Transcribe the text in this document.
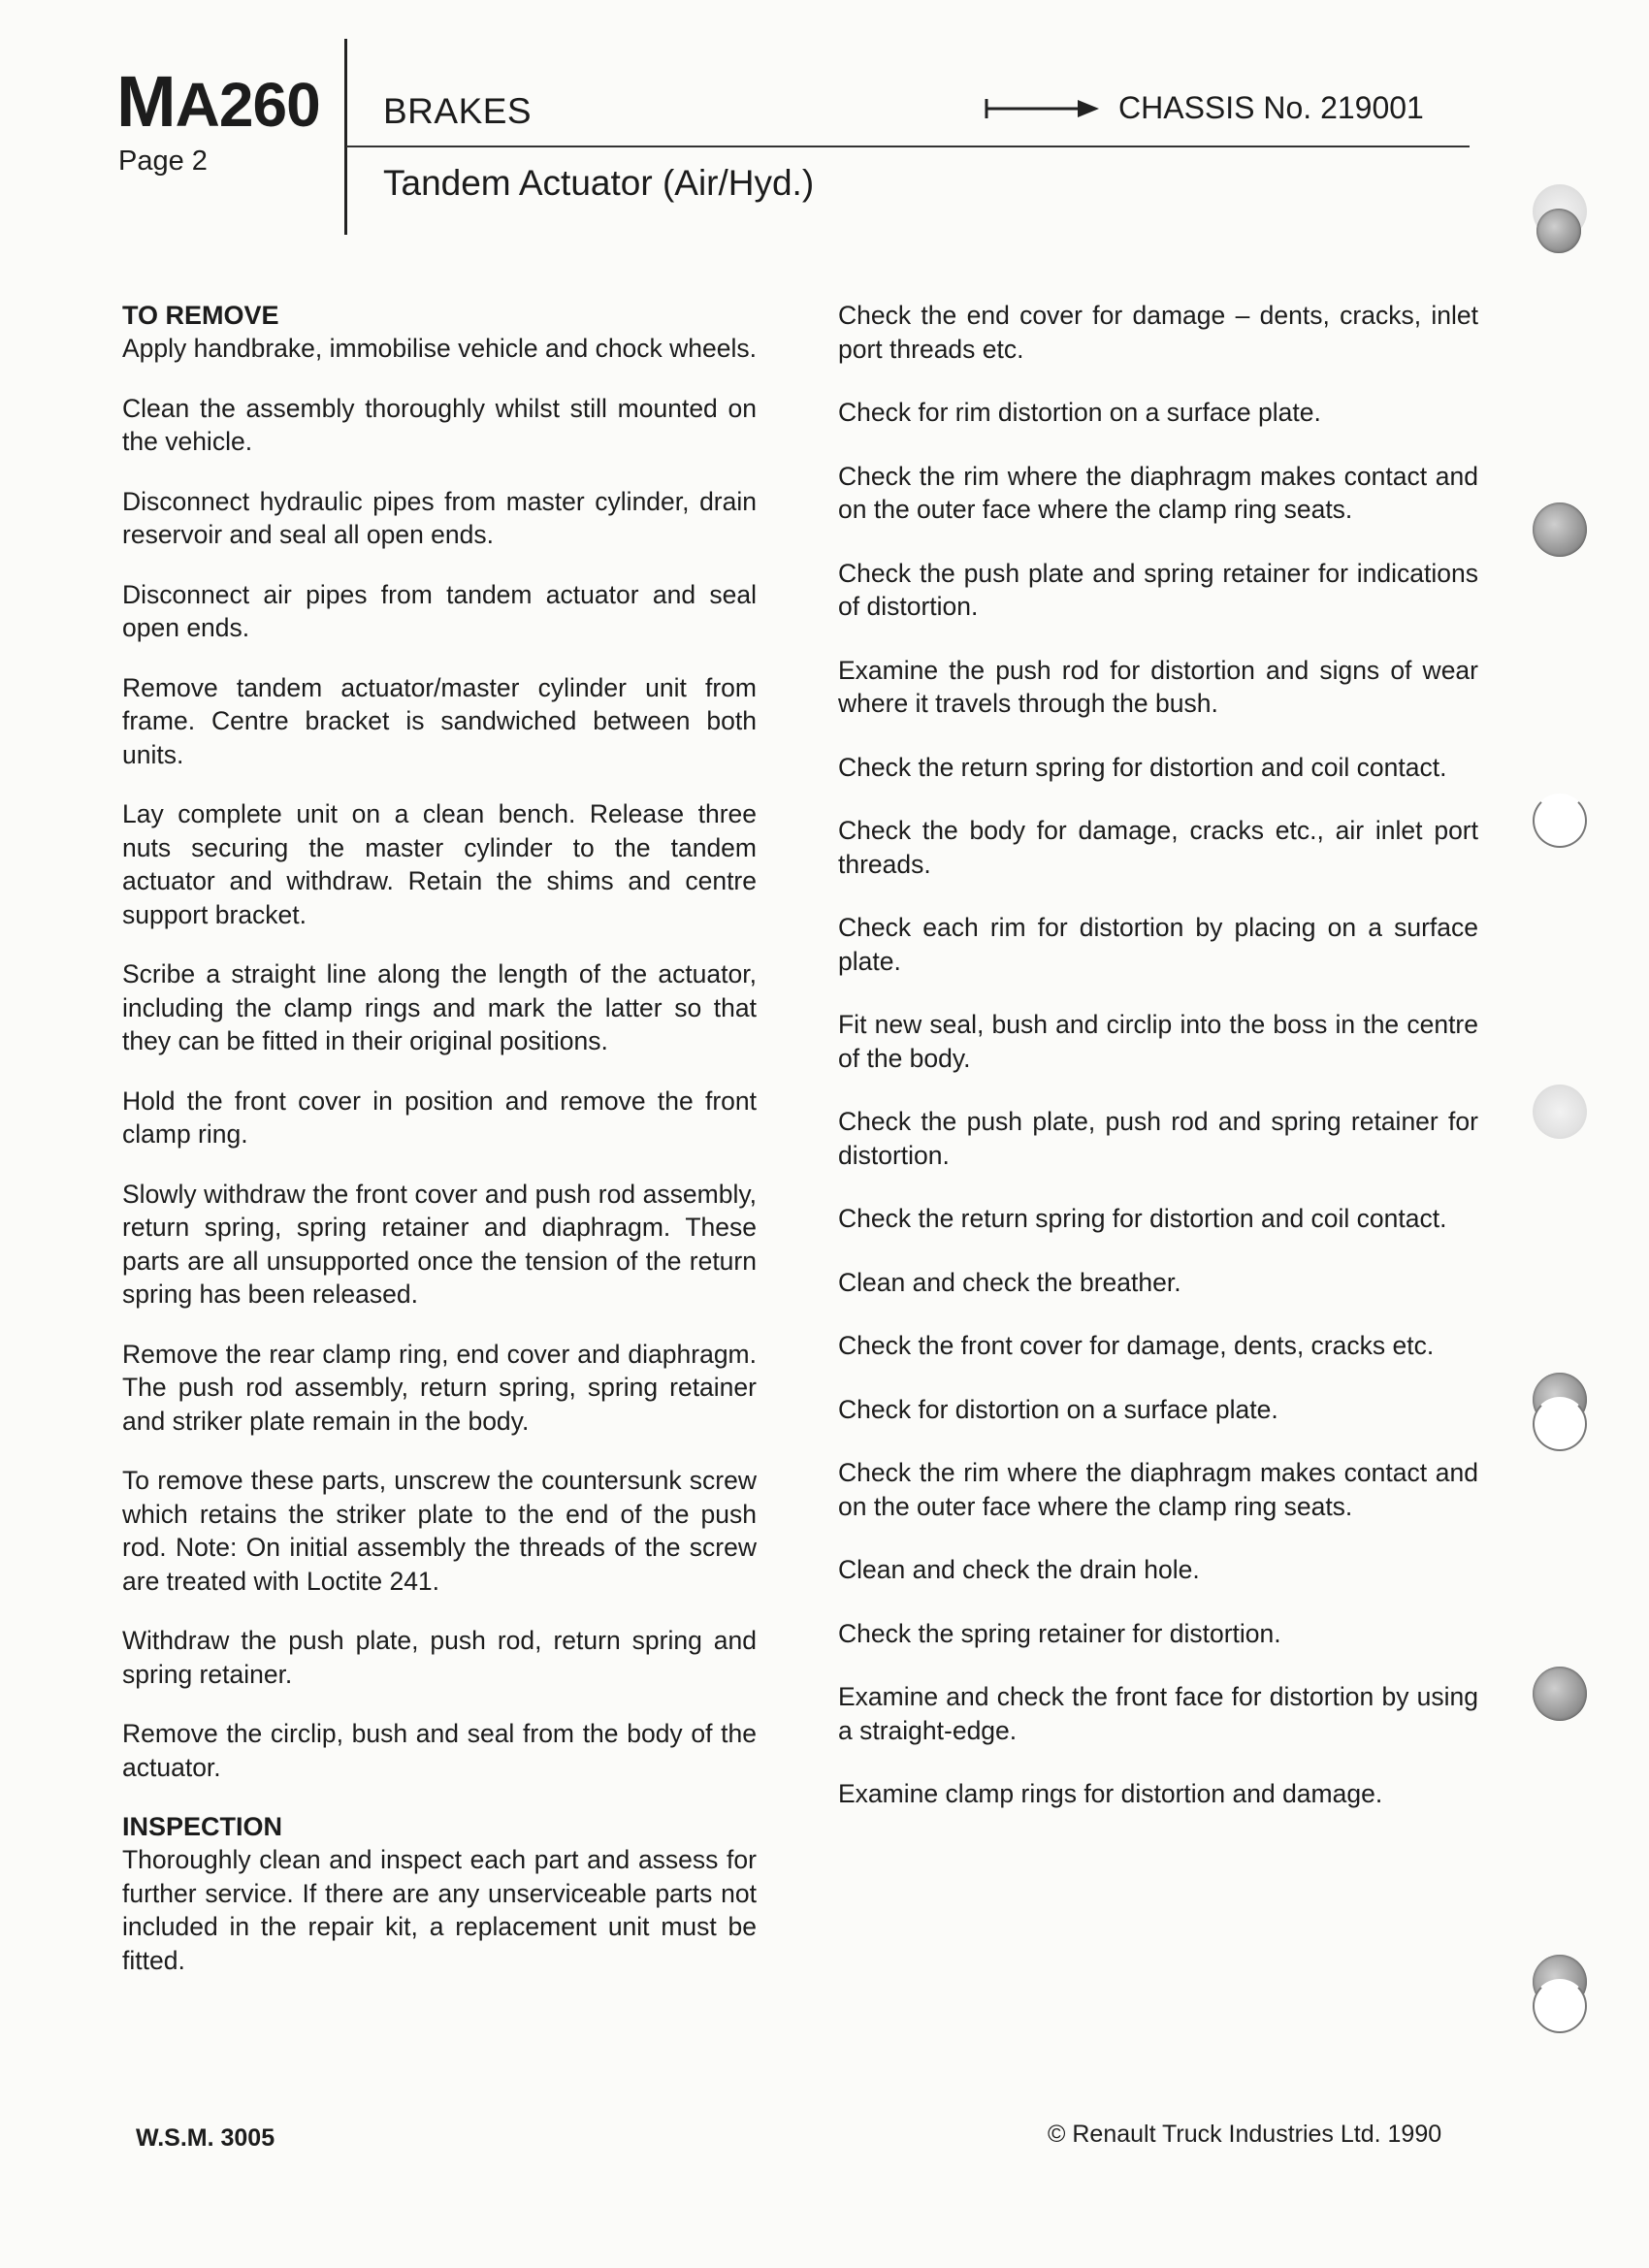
MA260
Page 2
BRAKES	CHASSIS No. 219001
Tandem Actuator (Air/Hyd.)
TO REMOVE

Apply handbrake, immobilise vehicle and chock wheels.

Clean the assembly thoroughly whilst still mounted on the vehicle.

Disconnect hydraulic pipes from master cylinder, drain reservoir and seal all open ends.

Disconnect air pipes from tandem actuator and seal open ends.

Remove tandem actuator/master cylinder unit from frame. Centre bracket is sandwiched between both units.

Lay complete unit on a clean bench. Release three nuts securing the master cylinder to the tandem actuator and withdraw. Retain the shims and centre support bracket.

Scribe a straight line along the length of the actuator, including the clamp rings and mark the latter so that they can be fitted in their original positions.

Hold the front cover in position and remove the front clamp ring.

Slowly withdraw the front cover and push rod assembly, return spring, spring retainer and diaphragm. These parts are all unsupported once the tension of the return spring has been released.

Remove the rear clamp ring, end cover and diaphragm. The push rod assembly, return spring, spring retainer and striker plate remain in the body.

To remove these parts, unscrew the countersunk screw which retains the striker plate to the end of the push rod. Note: On initial assembly the threads of the screw are treated with Loctite 241.

Withdraw the push plate, push rod, return spring and spring retainer.

Remove the circlip, bush and seal from the body of the actuator.

INSPECTION

Thoroughly clean and inspect each part and assess for further service. If there are any unserviceable parts not included in the repair kit, a replacement unit must be fitted.

Check the end cover for damage – dents, cracks, inlet port threads etc.

Check for rim distortion on a surface plate.

Check the rim where the diaphragm makes contact and on the outer face where the clamp ring seats.

Check the push plate and spring retainer for indications of distortion.

Examine the push rod for distortion and signs of wear where it travels through the bush.

Check the return spring for distortion and coil contact.

Check the body for damage, cracks etc., air inlet port threads.

Check each rim for distortion by placing on a surface plate.

Fit new seal, bush and circlip into the boss in the centre of the body.

Check the push plate, push rod and spring retainer for distortion.

Check the return spring for distortion and coil contact.

Clean and check the breather.

Check the front cover for damage, dents, cracks etc.

Check for distortion on a surface plate.

Check the rim where the diaphragm makes contact and on the outer face where the clamp ring seats.

Clean and check the drain hole.

Check the spring retainer for distortion.

Examine and check the front face for distortion by using a straight-edge.

Examine clamp rings for distortion and damage.

W.S.M. 3005	© Renault Truck Industries Ltd. 1990
